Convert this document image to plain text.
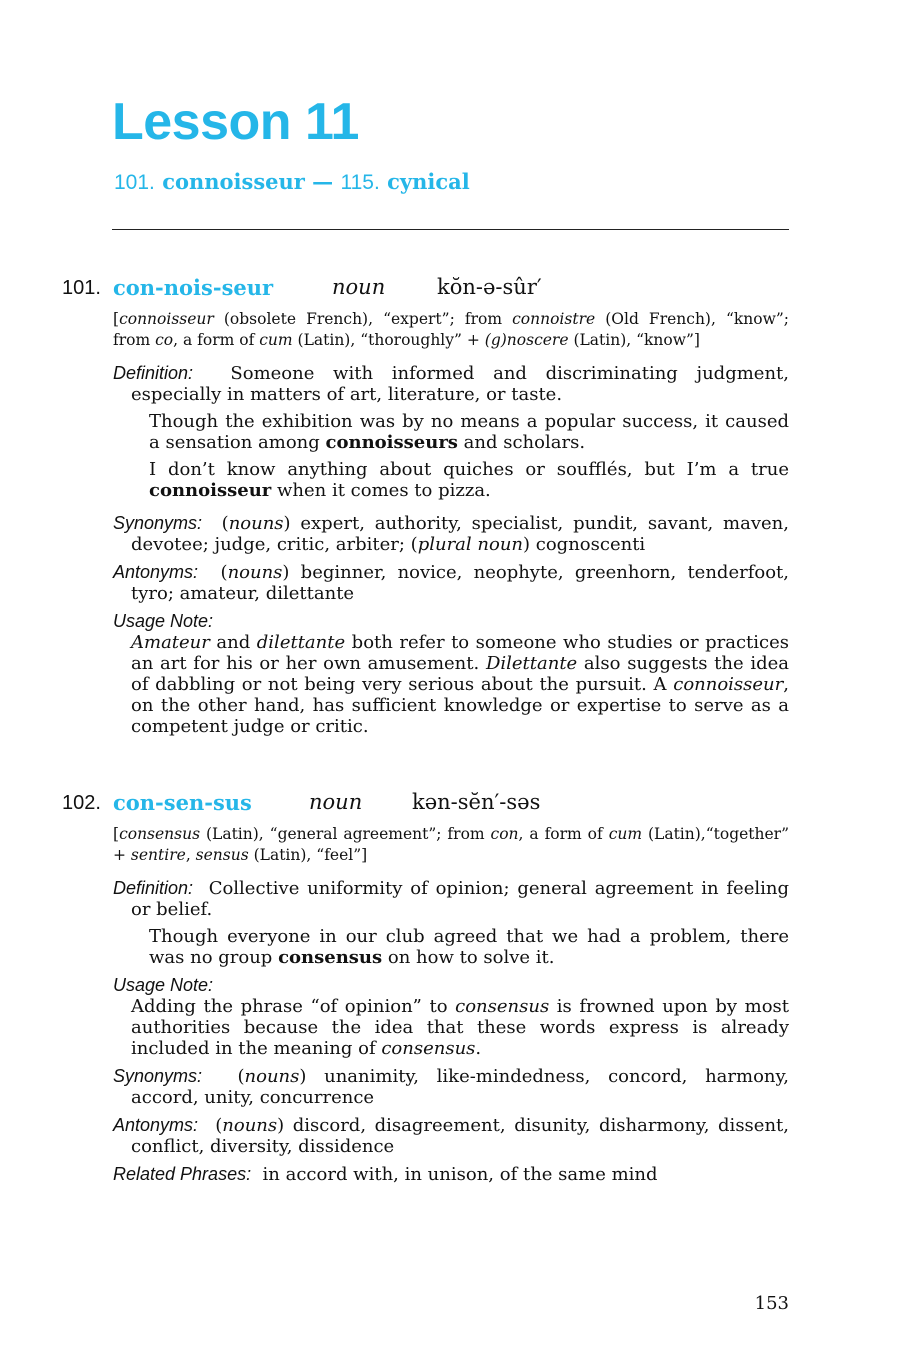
Lesson 11

101. connoisseur — 115. cynical

101. con-nois-seur	noun kŏn-ə-sûr′

[connoisseur (obsolete French), “expert”; from connoistre (Old French), “know”; from co, a form of cum (Latin), “thoroughly” + (g)noscere (Latin), “know”]

Definition: Someone with informed and discriminating judgment, especially in matters of art, literature, or taste.

Though the exhibition was by no means a popular success, it caused a sensation among connoisseurs and scholars.

I don’t know anything about quiches or soufflés, but I’m a true connoisseur when it comes to pizza.

Synonyms: (nouns) expert, authority, specialist, pundit, savant, maven, devotee; judge, critic, arbiter; (plural noun) cognoscenti

Antonyms: (nouns) beginner, novice, neophyte, greenhorn, tenderfoot, tyro; amateur, dilettante

Usage Note:

Amateur and dilettante both refer to someone who studies or practices an art for his or her own amusement. Dilettante also suggests the idea of dabbling or not being very serious about the pursuit. A connoisseur, on the other hand, has sufficient knowledge or expertise to serve as a competent judge or critic.

102. con-sen-sus	noun kən-sĕn′-səs

[consensus (Latin), “general agreement”; from con, a form of cum (Latin),“together” + sentire, sensus (Latin), “feel”]

Definition: Collective uniformity of opinion; general agreement in feeling or belief.

Though everyone in our club agreed that we had a problem, there was no group consensus on how to solve it.

Usage Note:

Adding the phrase “of opinion” to consensus is frowned upon by most authorities because the idea that these words express is already included in the meaning of consensus.

Synonyms: (nouns) unanimity, like-mindedness, concord, harmony, accord, unity, concurrence

Antonyms: (nouns) discord, disagreement, disunity, disharmony, dissent, conflict, diversity, dissidence

Related Phrases: in accord with, in unison, of the same mind

153
